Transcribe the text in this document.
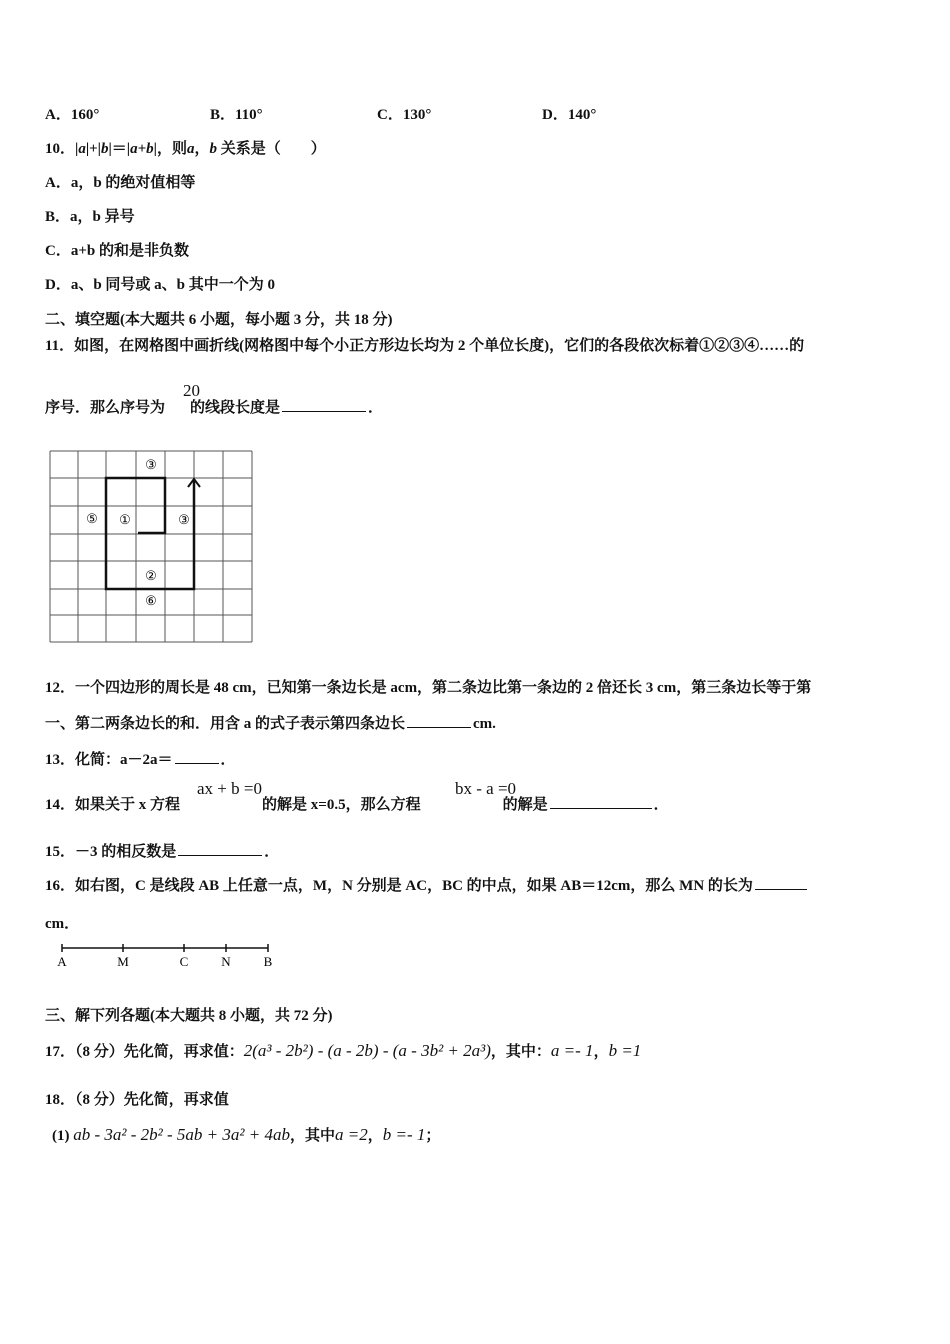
A．160°	B．110°	C．130°	D．140°
10．|a|+|b|＝|a+b|，则a，b 关系是（　　）
A．a，b 的绝对值相等
B．a，b 异号
C．a+b 的和是非负数
D．a、b 同号或 a、b 其中一个为 0
二、填空题(本大题共 6 小题，每小题 3 分，共 18 分)
11．如图，在网格图中画折线(网格图中每个小正方形边长均为 2 个单位长度)，它们的各段依次标着①②③④……的
20
序号．那么序号为 的线段长度是	．
③
⑤ ①	③
②
⑥
12．一个四边形的周长是 48 cm，已知第一条边长是 acm，第二条边比第一条边的 2 倍还长 3 cm，第三条边长等于第
一、第二两条边长的和．用含 a 的式子表示第四条边长	cm.
13．化简：a－2a＝	．
ax + b =0	bx - a =0
14．如果关于 x 方程	的解是 x=0.5，那么方程	的解是	．
15．－3 的相反数是	．
16．如右图，C 是线段 AB 上任意一点，M，N 分别是 AC，BC 的中点，如果 AB＝12cm，那么 MN 的长为
cm．
A	M	C	N	B
三、解下列各题(本大题共 8 小题，共 72 分)
17．（8 分）先化简，再求值：2(a³ - 2b²) - (a - 2b) - (a - 3b² + 2a³)，其中：a =- 1，b =1
18．（8 分）先化简，再求值
(1) ab - 3a² - 2b² - 5ab + 3a² + 4ab，其中a =2，b =- 1；
